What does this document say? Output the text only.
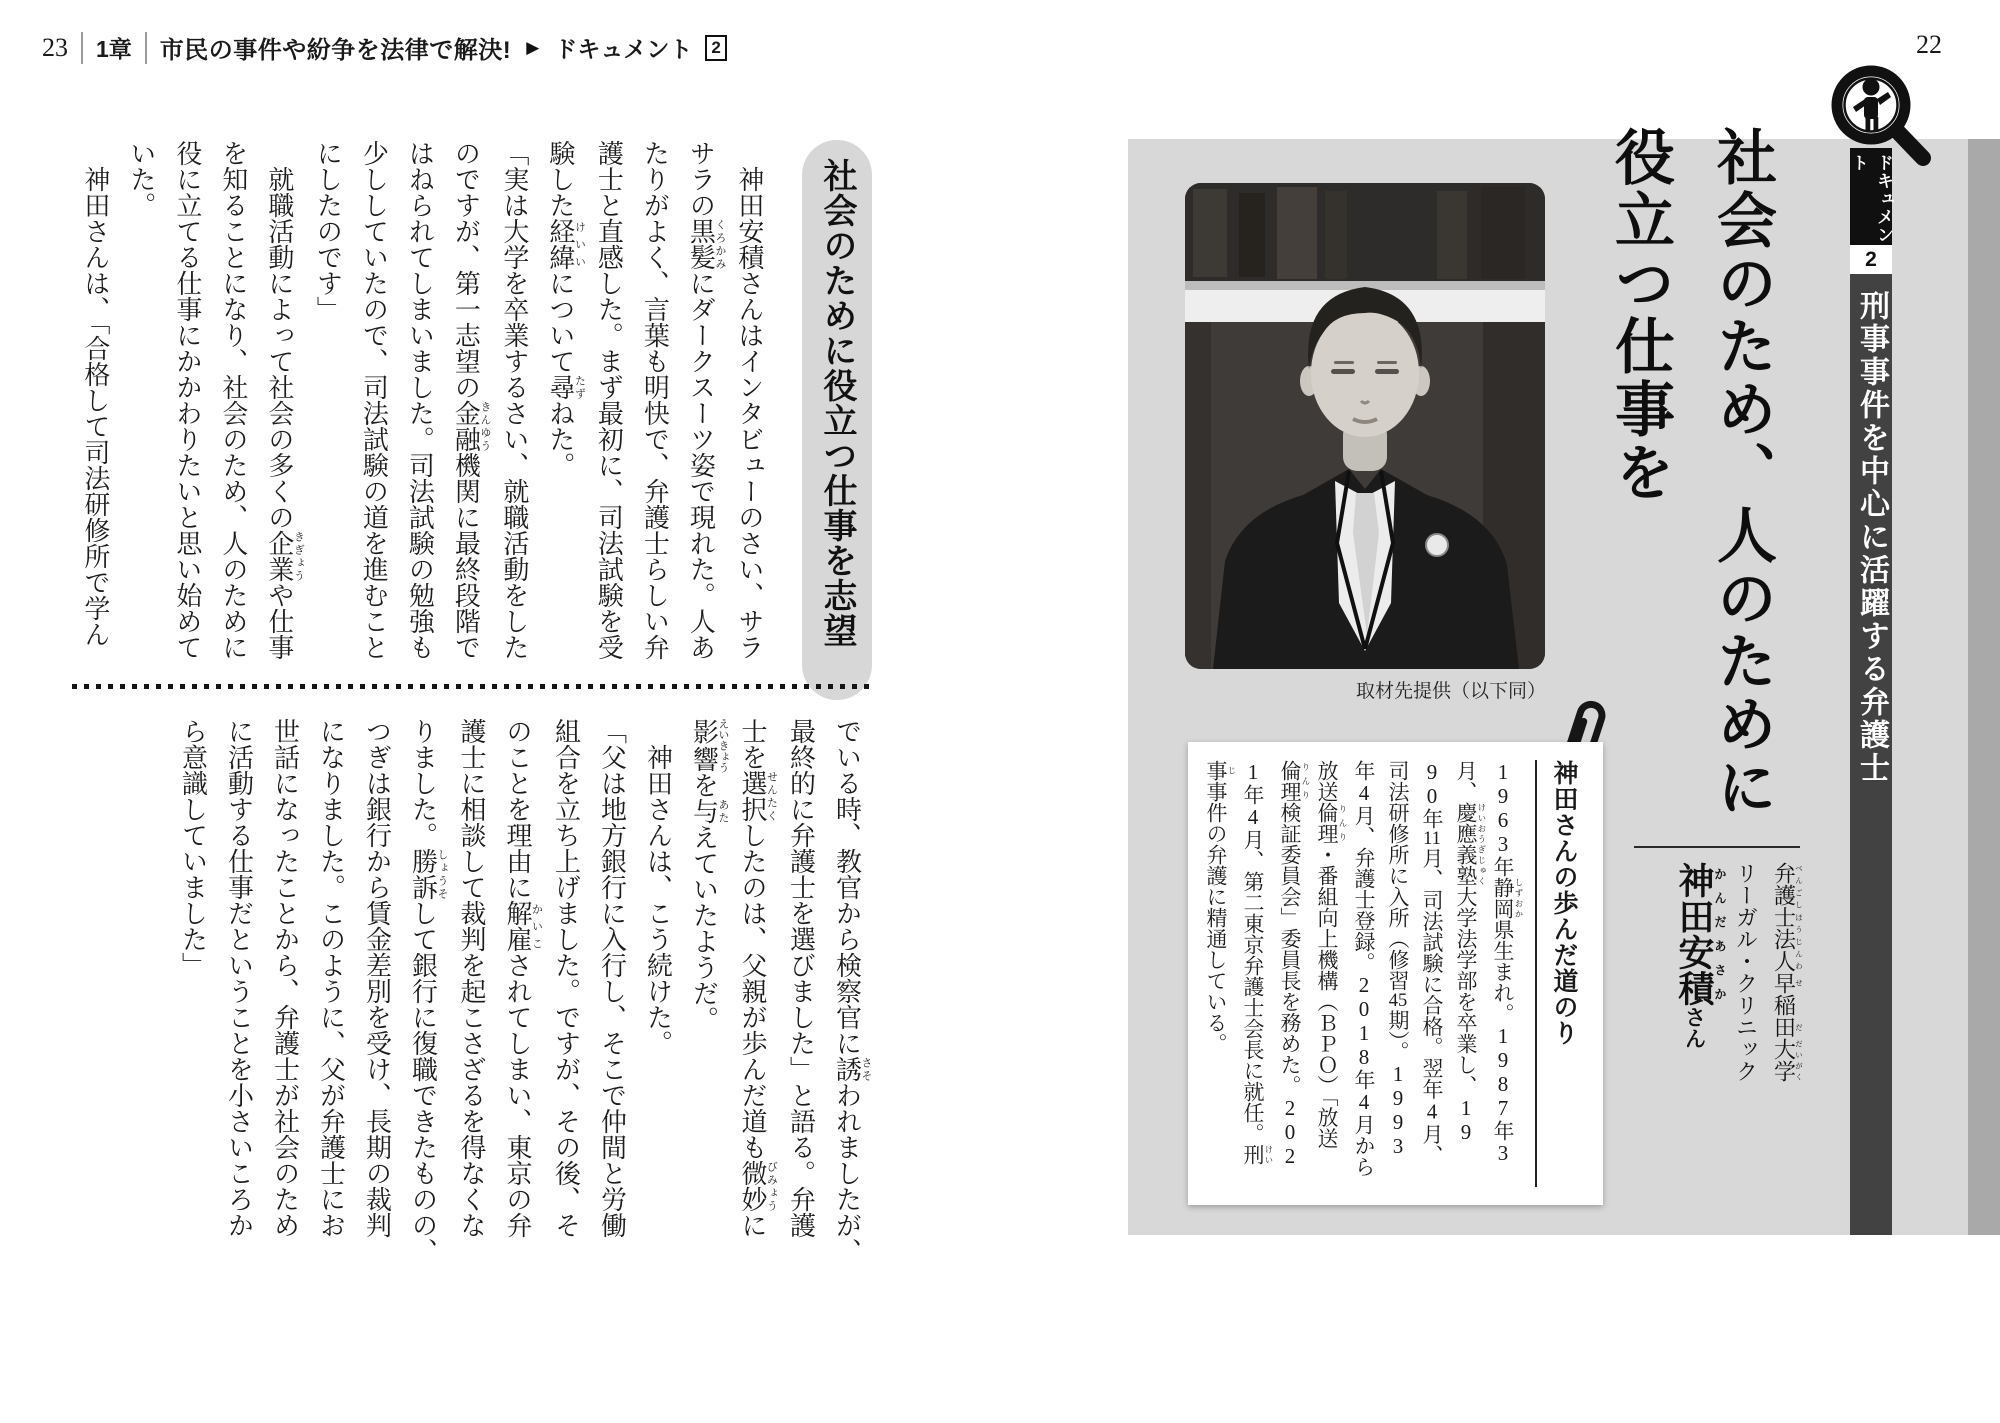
23 1章 市民の事件や紛争を法律で解決! ▶ ドキュメント	2
社会のために役立つ仕事を志望
　神田安積さんはインタビューのさい、サラ
サラの黒髪くろかみにダークスーツ姿で現れた。人あ
たりがよく、言葉も明快で、弁護士らしい弁
護士と直感した。まず最初に、司法試験を受
験した経緯けいいについて尋たずねた。
「実は大学を卒業するさい、就職活動をした
のですが、第一志望の金融きんゆう機関に最終段階で
はねられてしまいました。司法試験の勉強も
少ししていたので、司法試験の道を進むこと
にしたのです」
　就職活動によって社会の多くの企業きぎょうや仕事
を知ることになり、社会のため、人のために
役に立てる仕事にかかわりたいと思い始めて
いた。
　神田さんは、「合格して司法研修所で学ん
でいる時、教官から検察官に誘さそわれましたが、
最終的に弁護士を選びました」と語る。弁護
士を選択せんたくしたのは、父親が歩んだ道も微妙びみょうに
影響えいきょうを与あたえていたようだ。
　神田さんは、こう続けた。
「父は地方銀行に入行し、そこで仲間と労働
組合を立ち上げました。ですが、その後、そ
のことを理由に解雇かいこされてしまい、東京の弁
護士に相談して裁判を起こさざるを得なくな
りました。勝訴しょうそして銀行に復職できたものの、
つぎは銀行から賃金差別を受け、長期の裁判
になりました。このように、父が弁護士にお
世話になったことから、弁護士が社会のため
に活動する仕事だということを小さいころか
ら意識していました」
22
刑事事件を中心に活躍する弁護士
ドキュメント
2
社会のため、人のために
役立つ仕事を
弁護士法人べんごしほうじんわ早稲田せだ大学だいがく
リーガル・クリニック
神田かんだ安積あさかさん
取材先提供（以下同）
神田さんの歩んだ道のり
1963年静岡 しずおか県生まれ。1987年3
月、慶應義塾 けいおうぎじゅく大学法学部を卒業し、19
90年11月、司法試験に合格。翌年4月、
司法研修所に入所（修習45期）。1993
年4月、弁護士登録。2018年4月から
放送倫理 りんり・番組向上機構（ＢＰＯ）「放送
倫理 りんり検証委員会」委員長を務めた。202
1年4月、第二東京弁護士会長に就任。刑 けい
事 じ事件の弁護に精通している。
